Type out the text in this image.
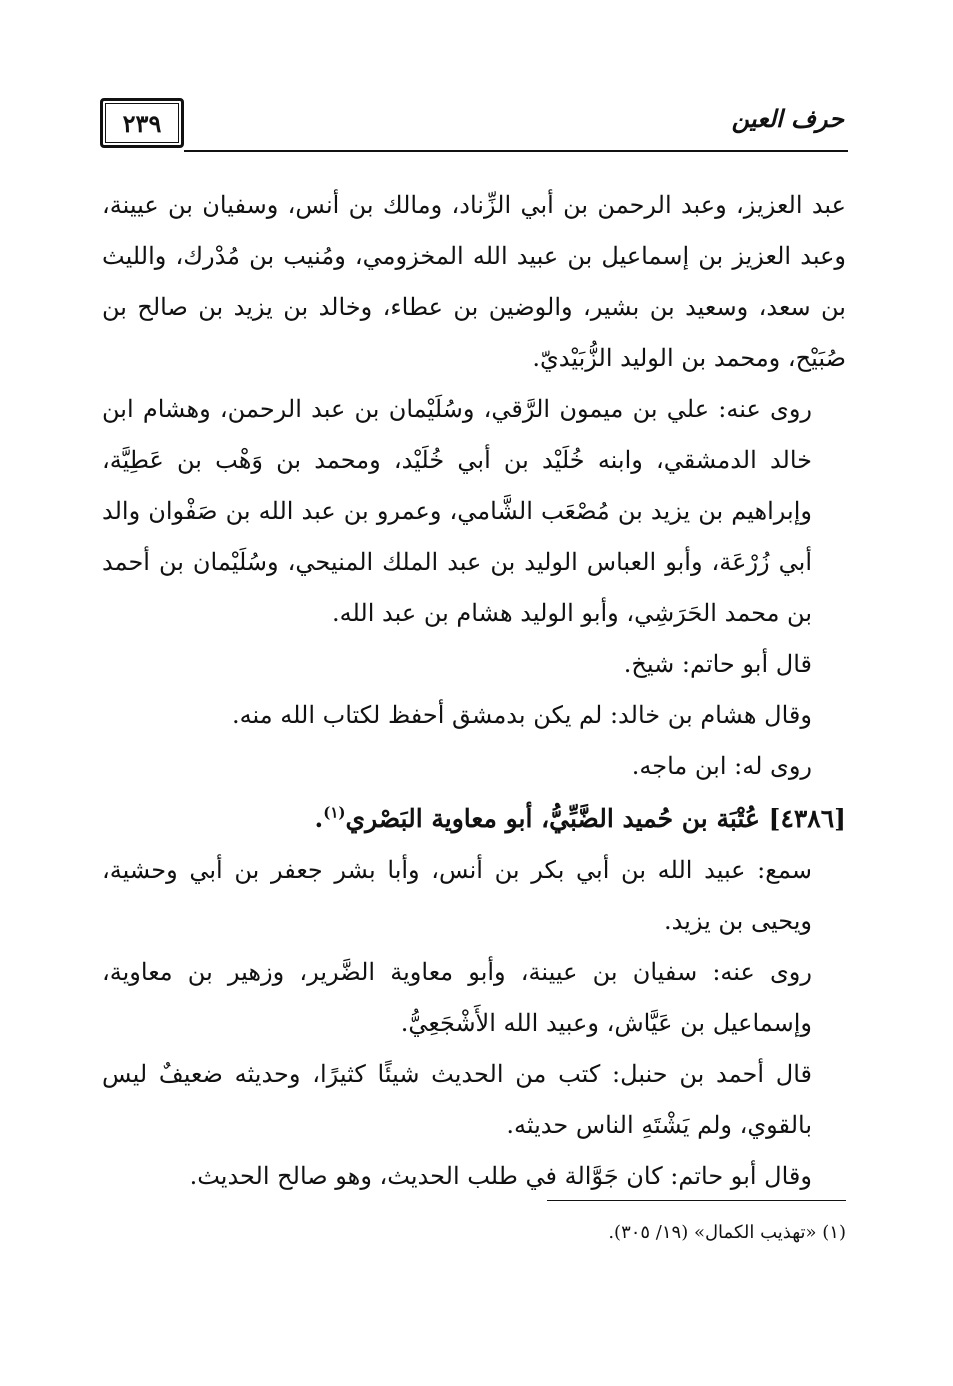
٢٣٩	حرف العين

عبد العزيز، وعبد الرحمن بن أبي الزِّناد، ومالك بن أنس، وسفيان بن عيينة، وعبد العزيز بن إسماعيل بن عبيد الله المخزومي، ومُنيب بن مُدْرك، والليث بن سعد، وسعيد بن بشير، والوضين بن عطاء، وخالد بن يزيد بن صالح بن صُبَيْح، ومحمد بن الوليد الزُّبَيْديّ.

روى عنه: علي بن ميمون الرَّقي، وسُلَيْمان بن عبد الرحمن، وهشام ابن خالد الدمشقي، وابنه خُلَيْد بن أبي خُلَيْد، ومحمد بن وَهْب بن عَطِيَّة، وإبراهيم بن يزيد بن مُصْعَب الشَّامي، وعمرو بن عبد الله بن صَفْوان والد أبي زُرْعَة، وأبو العباس الوليد بن عبد الملك المنيحي، وسُلَيْمان بن أحمد بن محمد الحَرَشِي، وأبو الوليد هشام بن عبد الله.

قال أبو حاتم: شيخ.

وقال هشام بن خالد: لم يكن بدمشق أحفظ لكتاب الله منه.

روى له: ابن ماجه.

[٤٣٨٦] عُتْبَة بن حُميد الضَّبِّيُّ، أبو معاوية البَصْري$^{(١)}$.

سمع: عبيد الله بن أبي بكر بن أنس، وأبا بشر جعفر بن أبي وحشية، ويحيى بن يزيد.

روى عنه: سفيان بن عيينة، وأبو معاوية الضَّرير، وزهير بن معاوية، وإسماعيل بن عَيَّاش، وعبيد الله الأَشْجَعِيُّ.

قال أحمد بن حنبل: كتب من الحديث شيئًا كثيرًا، وحديثه ضعيفٌ ليس بالقوي، ولم يَشْتَهِ الناس حديثه.

وقال أبو حاتم: كان جَوَّالة في طلب الحديث، وهو صالح الحديث.

(١) «تهذيب الكمال» (١٩/ ٣٠٥).
